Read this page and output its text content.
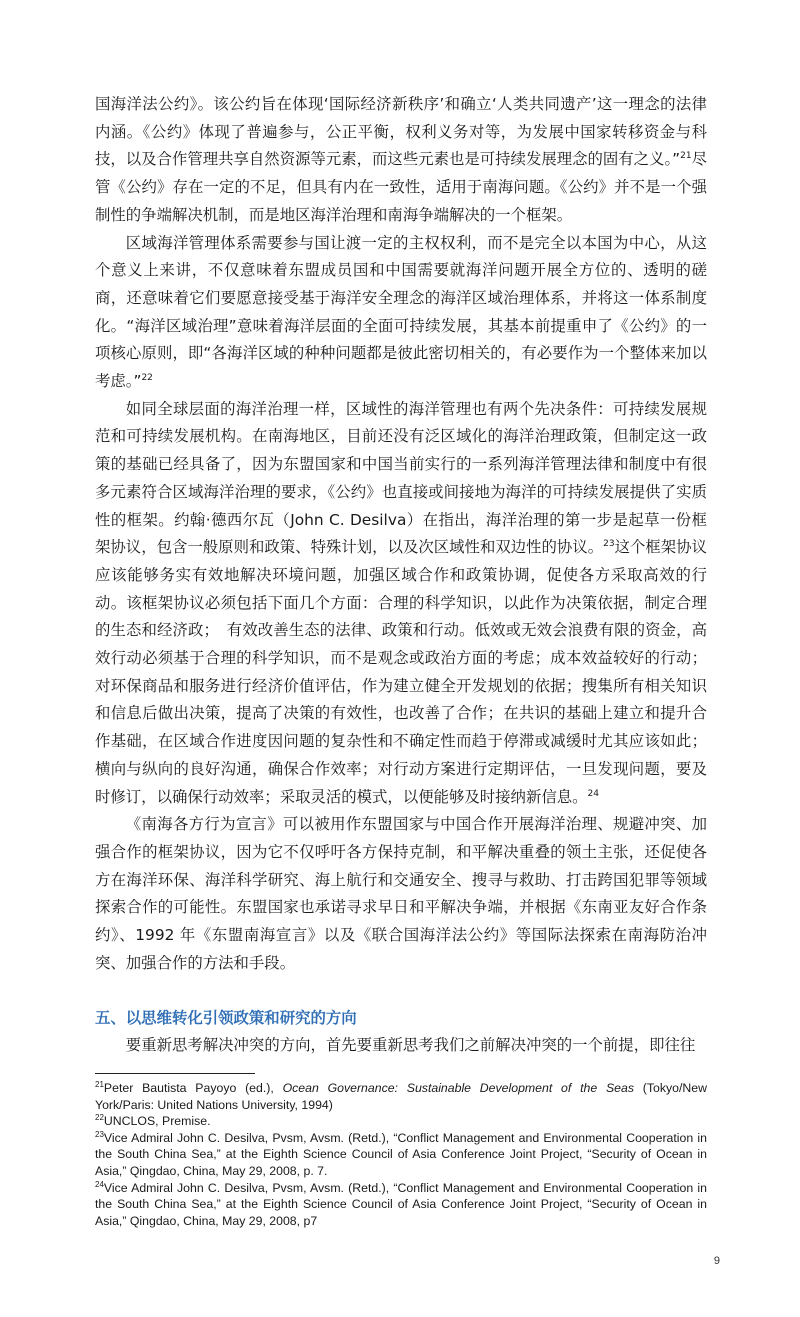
国海洋法公约》。该公约旨在体现‘国际经济新秩序’和确立‘人类共同遗产’这一理念的法律内涵。《公约》体现了普遍参与，公正平衡，权利义务对等，为发展中国家转移资金与科技，以及合作管理共享自然资源等元素，而这些元素也是可持续发展理念的固有之义。”$^{21}$尽管《公约》存在一定的不足，但具有内在一致性，适用于南海问题。《公约》并不是一个强制性的争端解决机制，而是地区海洋治理和南海争端解决的一个框架。

区域海洋管理体系需要参与国让渡一定的主权权利，而不是完全以本国为中心，从这个意义上来讲，不仅意味着东盟成员国和中国需要就海洋问题开展全方位的、透明的磋商，还意味着它们要愿意接受基于海洋安全理念的海洋区域治理体系，并将这一体系制度化。“海洋区域治理”意味着海洋层面的全面可持续发展，其基本前提重申了《公约》的一项核心原则，即“各海洋区域的种种问题都是彼此密切相关的，有必要作为一个整体来加以考虑。”$^{22}$

如同全球层面的海洋治理一样，区域性的海洋管理也有两个先决条件：可持续发展规范和可持续发展机构。在南海地区，目前还没有泛区域化的海洋治理政策，但制定这一政策的基础已经具备了，因为东盟国家和中国当前实行的一系列海洋管理法律和制度中有很多元素符合区域海洋治理的要求，《公约》也直接或间接地为海洋的可持续发展提供了实质性的框架。约翰·德西尔瓦（John C. Desilva）在指出，海洋治理的第一步是起草一份框架协议，包含一般原则和政策、特殊计划，以及次区域性和双边性的协议。$^{23}$这个框架协议应该能够务实有效地解决环境问题，加强区域合作和政策协调，促使各方采取高效的行动。该框架协议必须包括下面几个方面：合理的科学知识，以此作为决策依据，制定合理的生态和经济政；　有效改善生态的法律、政策和行动。低效或无效会浪费有限的资金，高效行动必须基于合理的科学知识，而不是观念或政治方面的考虑；成本效益较好的行动；对环保商品和服务进行经济价值评估，作为建立健全开发规划的依据；搜集所有相关知识和信息后做出决策，提高了决策的有效性，也改善了合作；在共识的基础上建立和提升合作基础，在区域合作进度因问题的复杂性和不确定性而趋于停滞或减缓时尤其应该如此；横向与纵向的良好沟通，确保合作效率；对行动方案进行定期评估，一旦发现问题，要及时修订，以确保行动效率；采取灵活的模式，以便能够及时接纳新信息。$^{24}$

《南海各方行为宣言》可以被用作东盟国家与中国合作开展海洋治理、规避冲突、加强合作的框架协议，因为它不仅呼吁各方保持克制，和平解决重叠的领土主张，还促使各方在海洋环保、海洋科学研究、海上航行和交通安全、搜寻与救助、打击跨国犯罪等领域探索合作的可能性。东盟国家也承诺寻求早日和平解决争端，并根据《东南亚友好合作条约》、1992 年《东盟南海宣言》以及《联合国海洋法公约》等国际法探索在南海防治冲突、加强合作的方法和手段。

五、以思维转化引领政策和研究的方向

要重新思考解决冲突的方向，首先要重新思考我们之前解决冲突的一个前提，即往往

$^{21}$Peter Bautista Payoyo (ed.), Ocean Governance: Sustainable Development of the Seas (Tokyo/New York/Paris: United Nations University, 1994)

$^{22}$UNCLOS, Premise.

$^{23}$Vice Admiral John C. Desilva, Pvsm, Avsm. (Retd.), “Conflict Management and Environmental Cooperation in the South China Sea,” at the Eighth Science Council of Asia Conference Joint Project, “Security of Ocean in Asia,” Qingdao, China, May 29, 2008, p. 7.

$^{24}$Vice Admiral John C. Desilva, Pvsm, Avsm. (Retd.), “Conflict Management and Environmental Cooperation in the South China Sea,” at the Eighth Science Council of Asia Conference Joint Project, “Security of Ocean in Asia,” Qingdao, China, May 29, 2008, p7

9
